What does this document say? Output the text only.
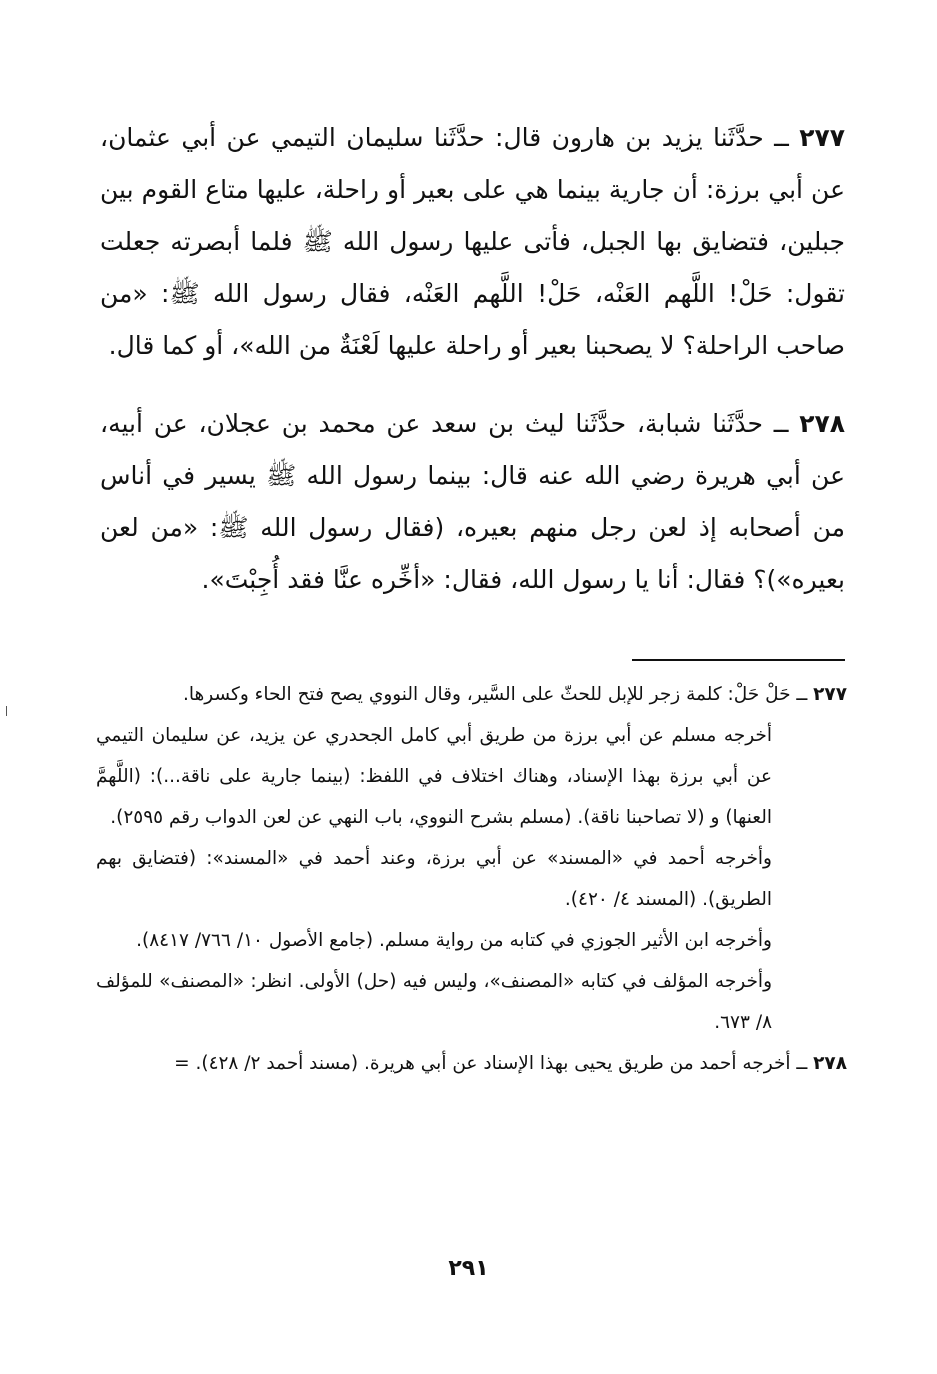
٢٧٧ ــ حدَّثَنا يزيد بن هارون قال: حدَّثَنا سليمان التيمي عن أبي عثمان، عن أبي برزة: أن جارية بينما هي على بعير أو راحلة، عليها متاع القوم بين جبلين، فتضايق بها الجبل، فأتى عليها رسول الله ﷺ فلما أبصرته جعلت تقول: حَلْ! اللَّهم العَنْه، حَلْ! اللَّهم العَنْه، فقال رسول الله ﷺ: «من صاحب الراحلة؟ لا يصحبنا بعير أو راحلة عليها لَعْنَةٌ من الله»، أو كما قال.

٢٧٨ ــ حدَّثَنا شبابة، حدَّثَنا ليث بن سعد عن محمد بن عجلان، عن أبيه، عن أبي هريرة رضي الله عنه قال: بينما رسول الله ﷺ يسير في أناس من أصحابه إذ لعن رجل منهم بعيره، (فقال رسول الله ﷺ: «من لعن بعيره»)؟ فقال: أنا يا رسول الله، فقال: «أخِّره عنَّا فقد أُجِبْتَ».

٢٧٧ ــ حَلْ حَلْ: كلمة زجر للإبل للحثّ على السَّير، وقال النووي يصح فتح الحاء وكسرها.

أخرجه مسلم عن أبي برزة من طريق أبي كامل الجحدري عن يزيد، عن سليمان التيمي عن أبي برزة بهذا الإسناد، وهناك اختلاف في اللفظ: (بينما جارية على ناقة...): (اللَّهمَّ العنها) و (لا تصاحبنا ناقة). (مسلم بشرح النووي، باب النهي عن لعن الدواب رقم ٢٥٩٥).

وأخرجه أحمد في «المسند» عن أبي برزة، وعند أحمد في «المسند»: (فتضايق بهم الطريق). (المسند ٤/ ٤٢٠).

وأخرجه ابن الأثير الجوزي في كتابه من رواية مسلم. (جامع الأصول ١٠/ ٧٦٦/ ٨٤١٧).

وأخرجه المؤلف في كتابه «المصنف»، وليس فيه (حل) الأولى. انظر: «المصنف» للمؤلف ٨/ ٦٧٣.

٢٧٨ ــ أخرجه أحمد من طريق يحيى بهذا الإسناد عن أبي هريرة. (مسند أحمد ٢/ ٤٢٨). =

٢٩١
